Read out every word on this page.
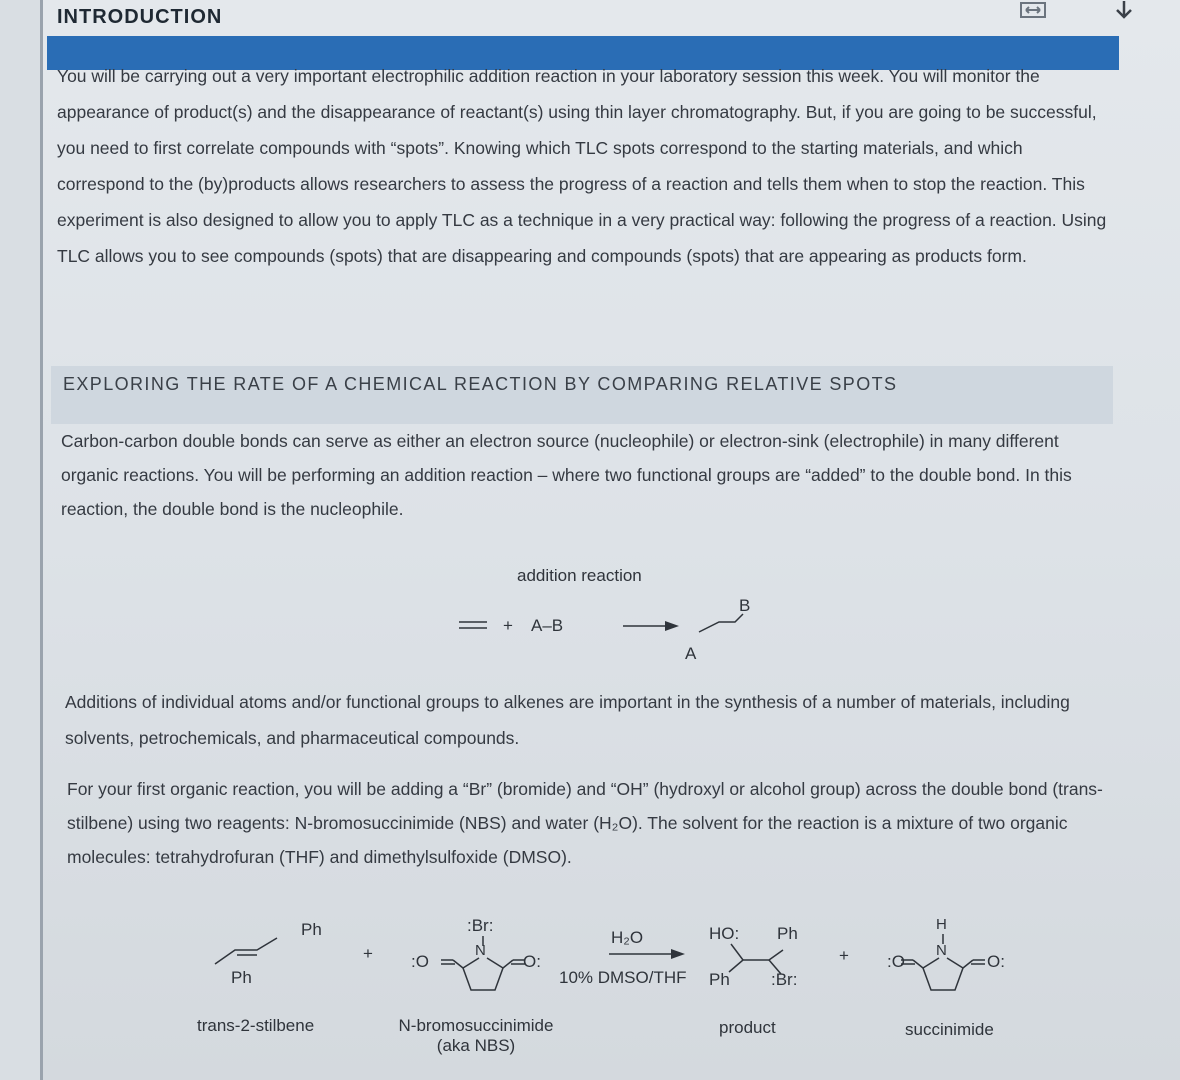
INTRODUCTION

You will be carrying out a very important electrophilic addition reaction in your laboratory session this week. You will monitor the appearance of product(s) and the disappearance of reactant(s) using thin layer chromatography. But, if you are going to be successful, you need to first correlate compounds with “spots”. Knowing which TLC spots correspond to the starting materials, and which correspond to the (by)products allows researchers to assess the progress of a reaction and tells them when to stop the reaction. This experiment is also designed to allow you to apply TLC as a technique in a very practical way: following the progress of a reaction. Using TLC allows you to see compounds (spots) that are disappearing and compounds (spots) that are appearing as products form.

EXPLORING THE RATE OF A CHEMICAL REACTION BY COMPARING RELATIVE SPOTS

Carbon-carbon double bonds can serve as either an electron source (nucleophile) or electron-sink (electrophile) in many different organic reactions. You will be performing an addition reaction – where two functional groups are “added” to the double bond. In this reaction, the double bond is the nucleophile.

addition reaction
+ A–B
A
B

Additions of individual atoms and/or functional groups to alkenes are important in the synthesis of a number of materials, including solvents, petrochemicals, and pharmaceutical compounds.

For your first organic reaction, you will be adding a “Br” (bromide) and “OH” (hydroxyl or alcohol group) across the double bond (trans-stilbene) using two reagents: N-bromosuccinimide (NBS) and water (H₂O). The solvent for the reaction is a mixture of two organic molecules: tetrahydrofuran (THF) and dimethylsulfoxide (DMSO).

Ph
Ph
+
:Br:
N
:O	O:
H₂O
10% DMSO/THF
HO: Ph
Ph :Br:
+ :O	O:
H
N
trans-2-stilbene	N-bromosuccinimide
(aka NBS)
product	succinimide
